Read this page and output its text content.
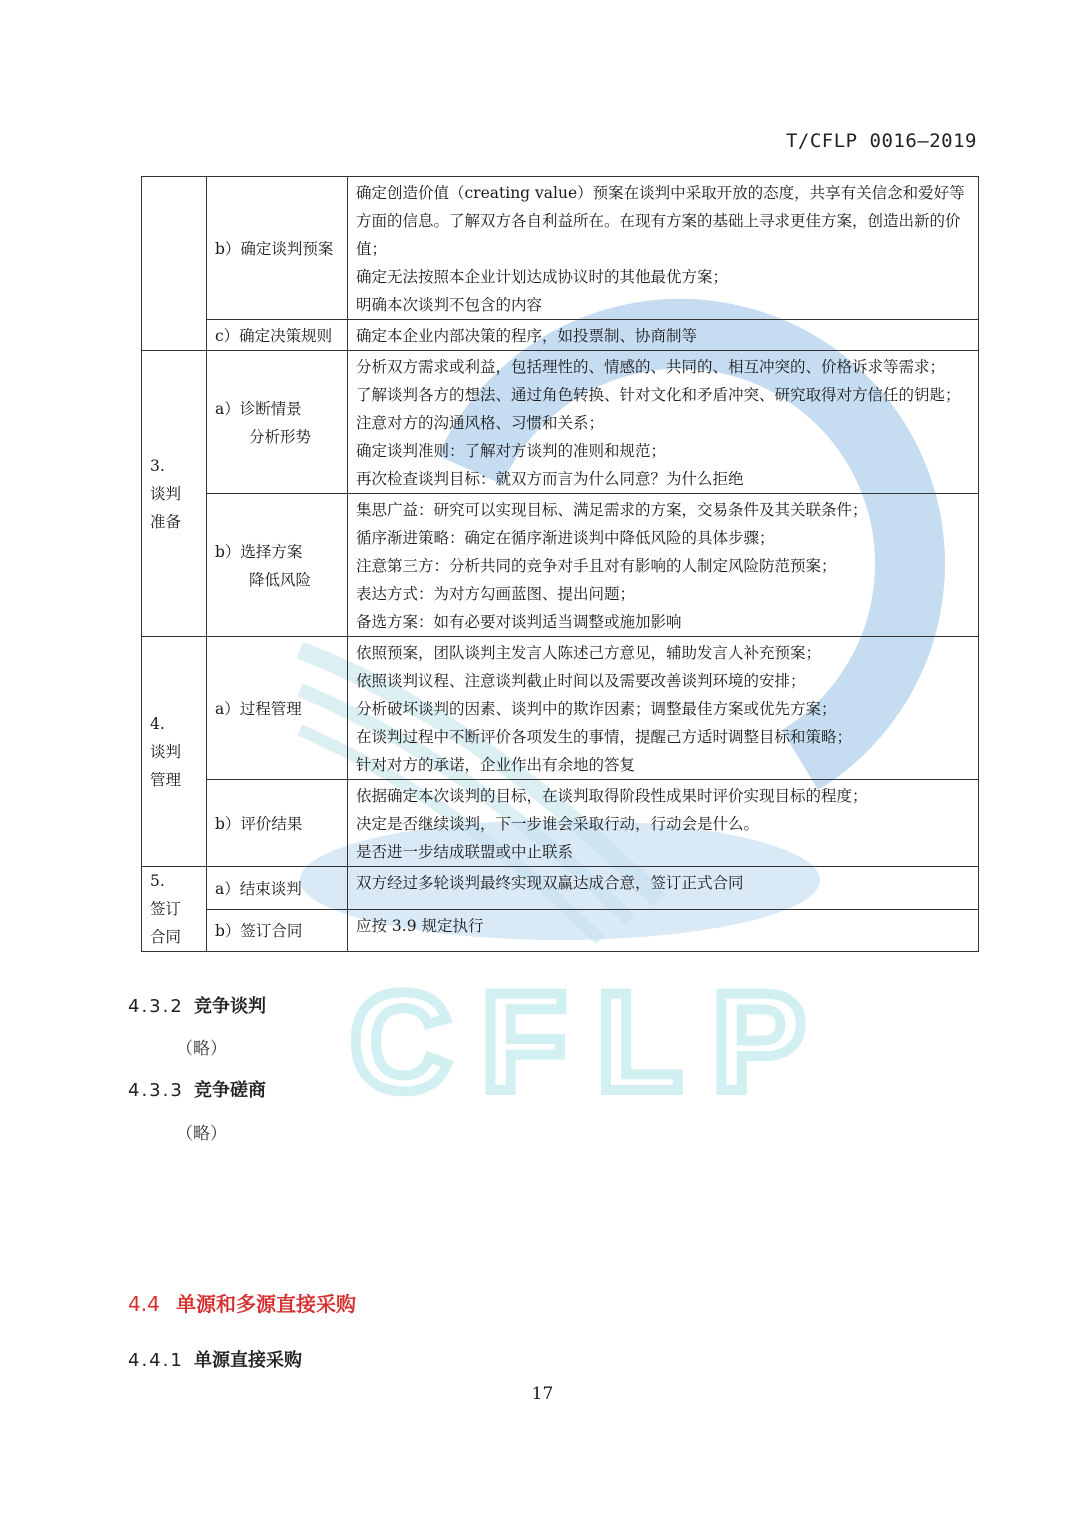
T/CFLP 0016—2019
CFLP

	b）确定谈判预案	确定创造价值（creating value）预案在谈判中采取开放的态度，共享有关信念和爱好等方面的信息。了解双方各自利益所在。在现有方案的基础上寻求更佳方案，创造出新的价值；
确定无法按照本企业计划达成协议时的其他最优方案；
明确本次谈判不包含的内容

	c）确定决策规则	确定本企业内部决策的程序，如投票制、协商制等

3.
谈判
准备	a）诊断情景
分析形势	分析双方需求或利益，包括理性的、情感的、共同的、相互冲突的、价格诉求等需求；
了解谈判各方的想法、通过角色转换、针对文化和矛盾冲突、研究取得对方信任的钥匙；
注意对方的沟通风格、习惯和关系；
确定谈判准则：了解对方谈判的准则和规范；
再次检查谈判目标：就双方而言为什么同意？为什么拒绝

	b）选择方案
降低风险	集思广益：研究可以实现目标、满足需求的方案，交易条件及其关联条件；
循序渐进策略：确定在循序渐进谈判中降低风险的具体步骤；
注意第三方：分析共同的竞争对手且对有影响的人制定风险防范预案；
表达方式：为对方勾画蓝图、提出问题；
备选方案：如有必要对谈判适当调整或施加影响

4.
谈判
管理	a）过程管理	依照预案，团队谈判主发言人陈述己方意见，辅助发言人补充预案；
依照谈判议程、注意谈判截止时间以及需要改善谈判环境的安排；
分析破坏谈判的因素、谈判中的欺诈因素；调整最佳方案或优先方案；
在谈判过程中不断评价各项发生的事情，提醒己方适时调整目标和策略；
针对对方的承诺，企业作出有余地的答复

	b）评价结果	依据确定本次谈判的目标，在谈判取得阶段性成果时评价实现目标的程度；
决定是否继续谈判，下一步谁会采取行动，行动会是什么。
是否进一步结成联盟或中止联系

5.
签订
合同	a）结束谈判	双方经过多轮谈判最终实现双赢达成合意，签订正式合同

	b）签订合同	应按 3.9 规定执行
4.3.2 竞争谈判
（略）
4.3.3 竞争磋商
（略）
4.4 单源和多源直接采购
4.4.1 单源直接采购
17
